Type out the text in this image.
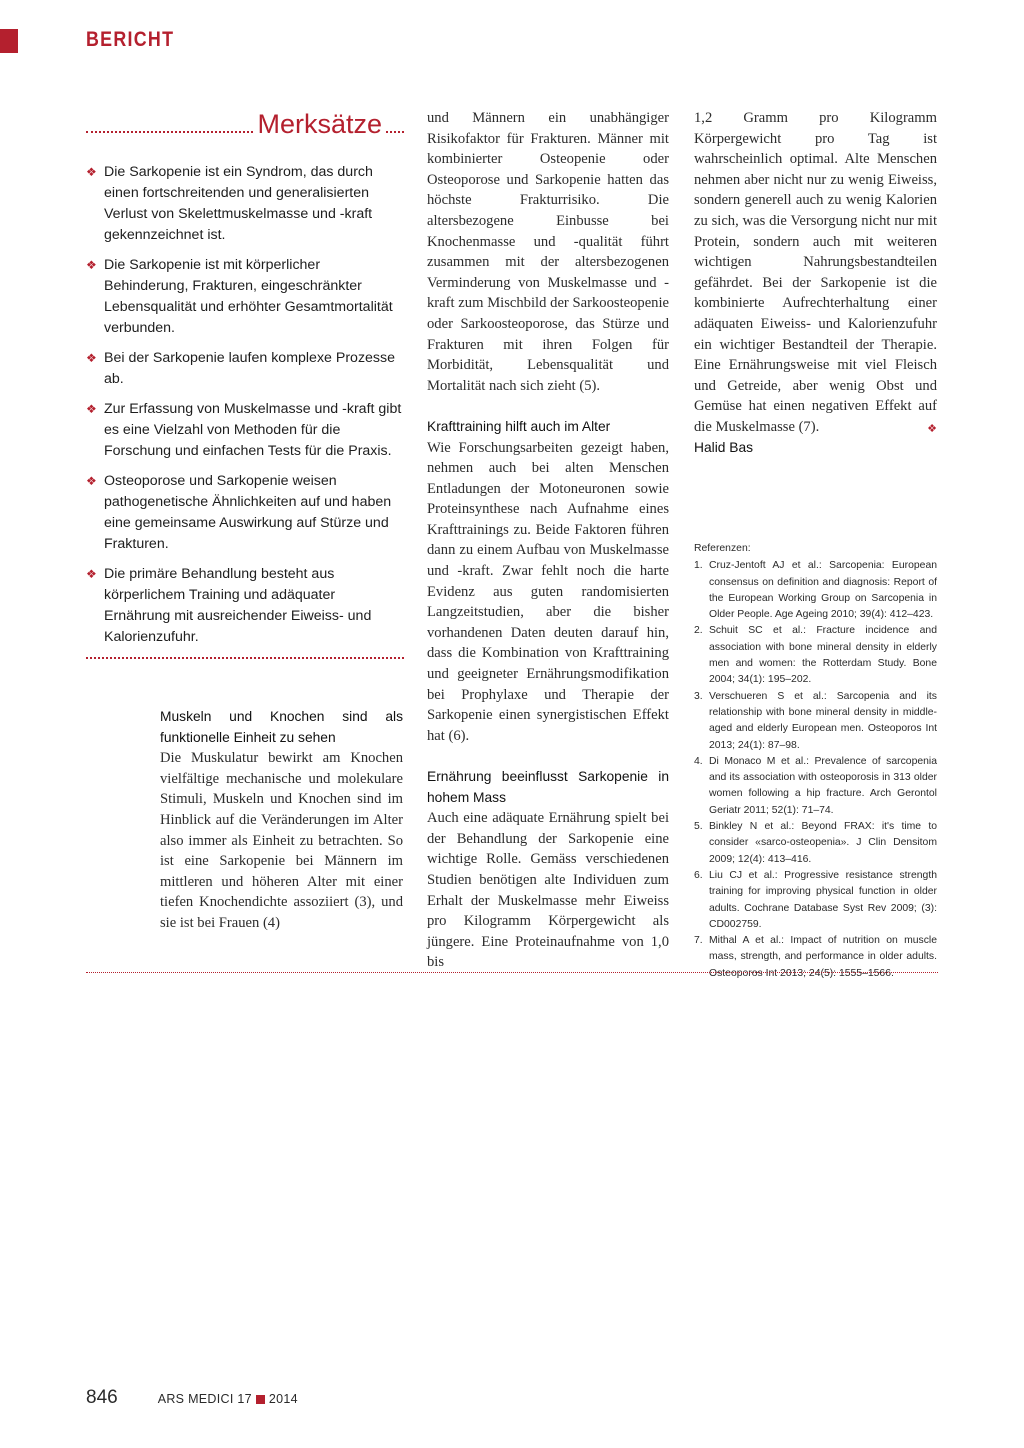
BERICHT
Merksätze
❖ Die Sarkopenie ist ein Syndrom, das durch einen fortschreitenden und generalisierten Verlust von Skelettmuskelmasse und -kraft gekennzeichnet ist.
❖ Die Sarkopenie ist mit körperlicher Behinderung, Frakturen, eingeschränkter Lebensqualität und erhöhter Gesamtmortalität verbunden.
❖ Bei der Sarkopenie laufen komplexe Prozesse ab.
❖ Zur Erfassung von Muskelmasse und -kraft gibt es eine Vielzahl von Methoden für die Forschung und einfachen Tests für die Praxis.
❖ Osteoporose und Sarkopenie weisen pathogenetische Ähnlichkeiten auf und haben eine gemeinsame Auswirkung auf Stürze und Frakturen.
❖ Die primäre Behandlung besteht aus körperlichem Training und adäquater Ernährung mit ausreichender Eiweiss- und Kalorienzufuhr.

Muskeln und Knochen sind als funktionelle Einheit zu sehen

Die Muskulatur bewirkt am Knochen vielfältige mechanische und molekulare Stimuli, Muskeln und Knochen sind im Hinblick auf die Veränderungen im Alter also immer als Einheit zu betrachten. So ist eine Sarkopenie bei Männern im mittleren und höheren Alter mit einer tiefen Knochendichte assoziiert (3), und sie ist bei Frauen (4)

und Männern ein unabhängiger Risikofaktor für Frakturen. Männer mit kombinierter Osteopenie oder Osteoporose und Sarkopenie hatten das höchste Frakturrisiko. Die altersbezogene Einbusse bei Knochenmasse und -qualität führt zusammen mit der altersbezogenen Verminderung von Muskelmasse und -kraft zum Mischbild der Sarkoosteopenie oder Sarkoosteoporose, das Stürze und Frakturen mit ihren Folgen für Morbidität, Lebensqualität und Mortalität nach sich zieht (5).

Krafttraining hilft auch im Alter

Wie Forschungsarbeiten gezeigt haben, nehmen auch bei alten Menschen Entladungen der Motoneuronen sowie Proteinsynthese nach Aufnahme eines Krafttrainings zu. Beide Faktoren führen dann zu einem Aufbau von Muskelmasse und -kraft. Zwar fehlt noch die harte Evidenz aus guten randomisierten Langzeitstudien, aber die bisher vorhandenen Daten deuten darauf hin, dass die Kombination von Krafttraining und geeigneter Ernährungsmodifikation bei Prophylaxe und Therapie der Sarkopenie einen synergistischen Effekt hat (6).

Ernährung beeinflusst Sarkopenie in hohem Mass

Auch eine adäquate Ernährung spielt bei der Behandlung der Sarkopenie eine wichtige Rolle. Gemäss verschiedenen Studien benötigen alte Individuen zum Erhalt der Muskelmasse mehr Eiweiss pro Kilogramm Körpergewicht als jüngere. Eine Proteinaufnahme von 1,0 bis

1,2 Gramm pro Kilogramm Körpergewicht pro Tag ist wahrscheinlich optimal. Alte Menschen nehmen aber nicht nur zu wenig Eiweiss, sondern generell auch zu wenig Kalorien zu sich, was die Versorgung nicht nur mit Protein, sondern auch mit weiteren wichtigen Nahrungsbestandteilen gefährdet. Bei der Sarkopenie ist die kombinierte Aufrechterhaltung einer adäquaten Eiweiss- und Kalorienzufuhr ein wichtiger Bestandteil der Therapie. Eine Ernährungsweise mit viel Fleisch und Getreide, aber wenig Obst und Gemüse hat einen negativen Effekt auf die Muskelmasse (7).	❖

Halid Bas

Referenzen:

1. Cruz-Jentoft AJ et al.: Sarcopenia: European consensus on definition and diagnosis: Report of the European Working Group on Sarcopenia in Older People. Age Ageing 2010; 39(4): 412–423.
2. Schuit SC et al.: Fracture incidence and association with bone mineral density in elderly men and women: the Rotterdam Study. Bone 2004; 34(1): 195–202.
3. Verschueren S et al.: Sarcopenia and its relationship with bone mineral density in middle-aged and elderly European men. Osteoporos Int 2013; 24(1): 87–98.
4. Di Monaco M et al.: Prevalence of sarcopenia and its association with osteoporosis in 313 older women following a hip fracture. Arch Gerontol Geriatr 2011; 52(1): 71–74.
5. Binkley N et al.: Beyond FRAX: it's time to consider «sarco-osteopenia». J Clin Densitom 2009; 12(4): 413–416.
6. Liu CJ et al.: Progressive resistance strength training for improving physical function in older adults. Cochrane Database Syst Rev 2009; (3): CD002759.
7. Mithal A et al.: Impact of nutrition on muscle mass, strength, and performance in older adults. Osteoporos Int 2013; 24(5): 1555–1566.
846	ARS MEDICI 17 2014
